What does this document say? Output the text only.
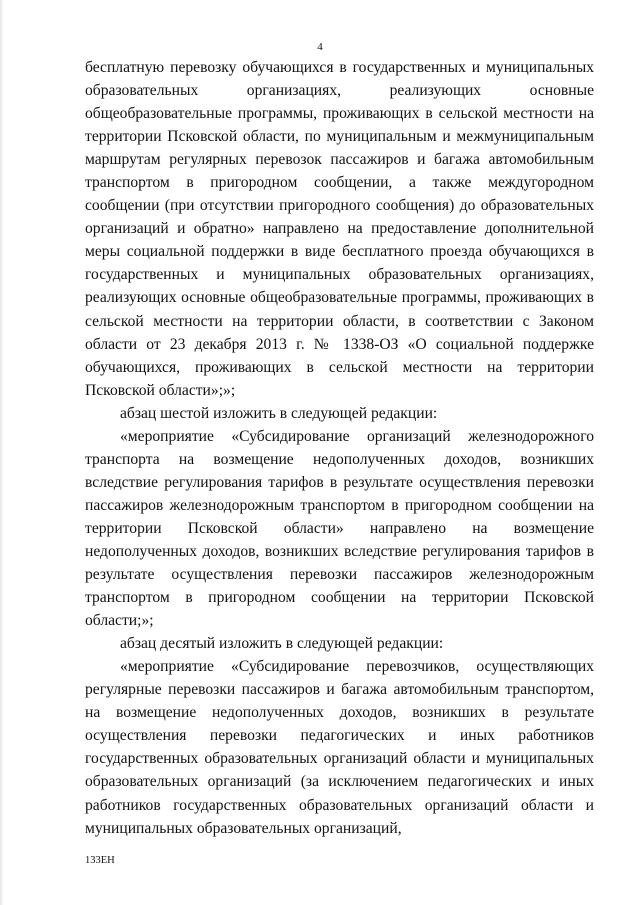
4

бесплатную перевозку обучающихся в государственных и муниципальных образовательных организациях, реализующих основные общеобразовательные программы, проживающих в сельской местности на территории Псковской области, по муниципальным и межмуниципальным маршрутам регулярных перевозок пассажиров и багажа автомобильным транспортом в пригородном сообщении, а также междугородном сообщении (при отсутствии пригородного сообщения) до образовательных организаций и обратно» направлено на предоставление дополнительной меры социальной поддержки в виде бесплатного проезда обучающихся в государственных и муниципальных образовательных организациях, реализующих основные общеобразовательные программы, проживающих в сельской местности на территории области, в соответствии с Законом области от 23 декабря 2013 г. № 1338-ОЗ «О социальной поддержке обучающихся, проживающих в сельской местности на территории Псковской области»;»;

абзац шестой изложить в следующей редакции:

«мероприятие «Субсидирование организаций железнодорожного транспорта на возмещение недополученных доходов, возникших вследствие регулирования тарифов в результате осуществления перевозки пассажиров железнодорожным транспортом в пригородном сообщении на территории Псковской области» направлено на возмещение недополученных доходов, возникших вследствие регулирования тарифов в результате осуществления перевозки пассажиров железнодорожным транспортом в пригородном сообщении на территории Псковской области;»;

абзац десятый изложить в следующей редакции:

«мероприятие «Субсидирование перевозчиков, осуществляющих регулярные перевозки пассажиров и багажа автомобильным транспортом, на возмещение недополученных доходов, возникших в результате осуществления перевозки педагогических и иных работников государственных образовательных организаций области и муниципальных образовательных организаций (за исключением педагогических и иных работников государственных образовательных организаций области и муниципальных образовательных организаций,

133ЕН
